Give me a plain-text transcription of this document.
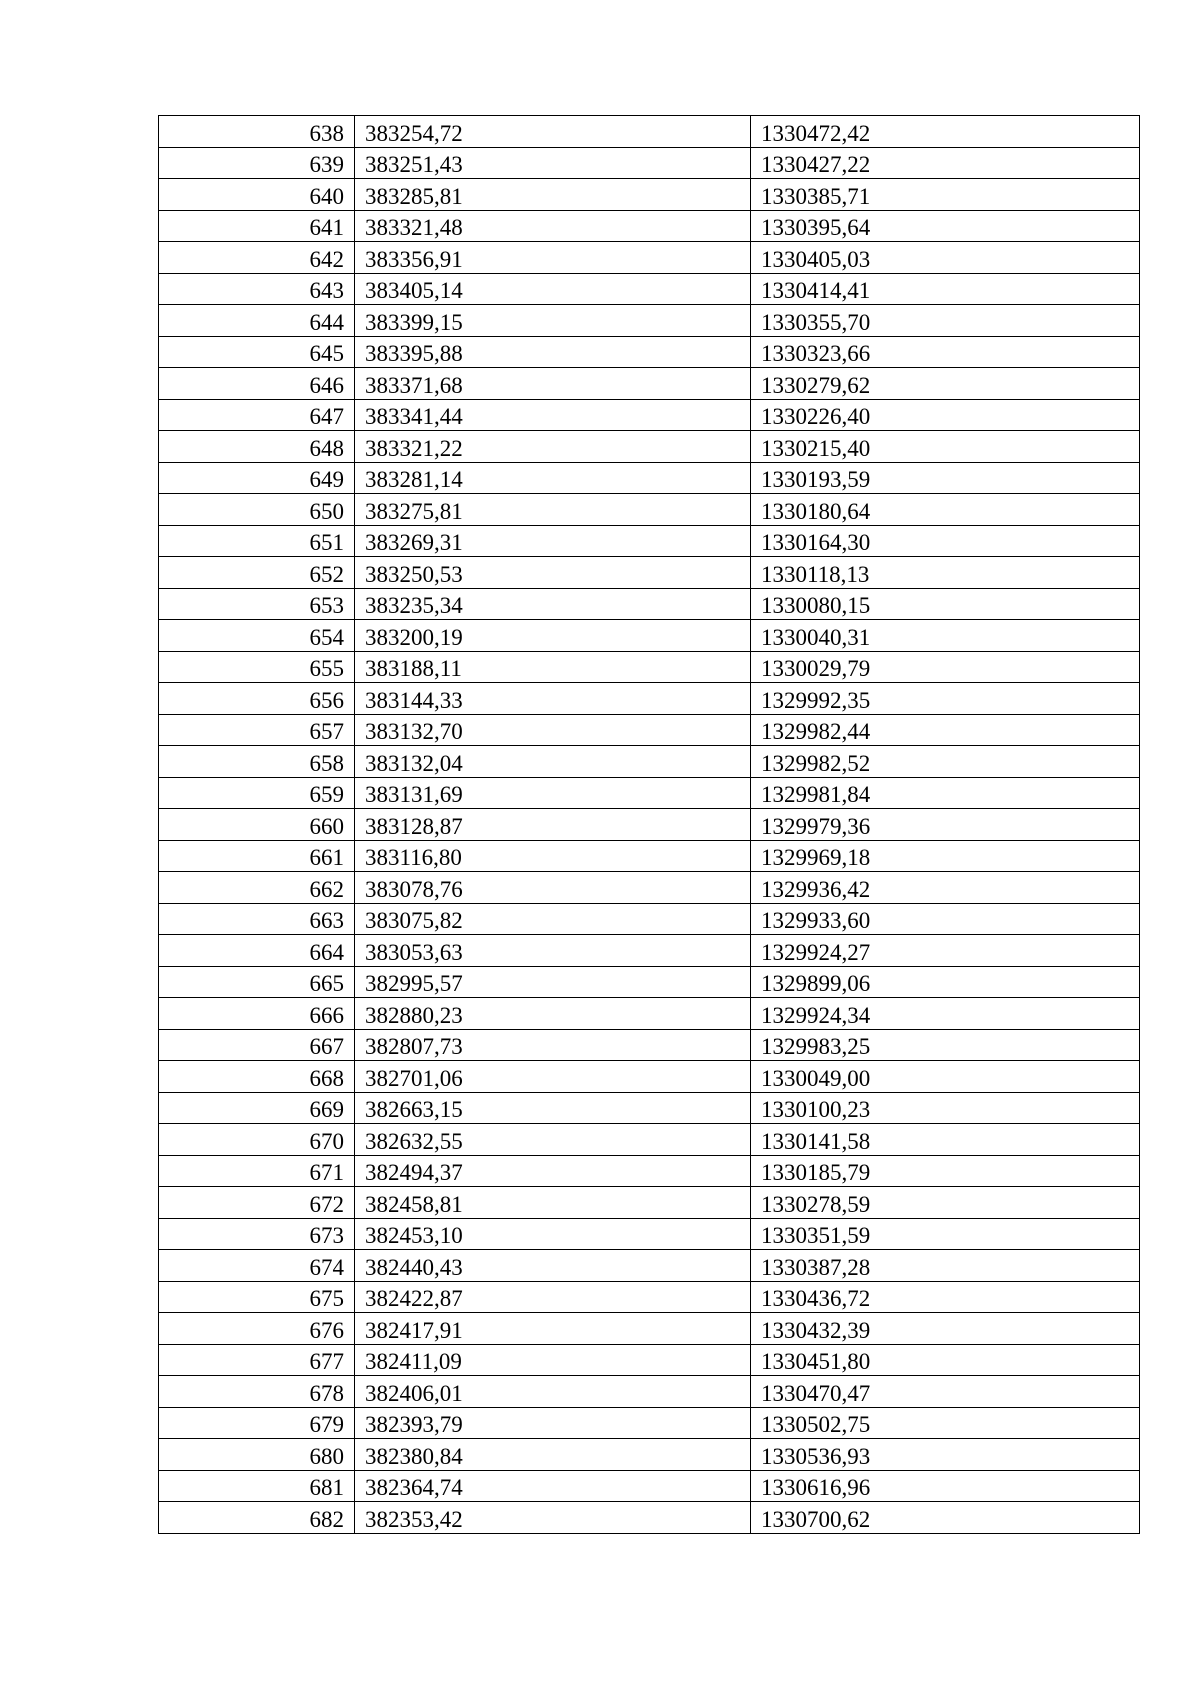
638	383254,72	1330472,42
639	383251,43	1330427,22
640	383285,81	1330385,71
641	383321,48	1330395,64
642	383356,91	1330405,03
643	383405,14	1330414,41
644	383399,15	1330355,70
645	383395,88	1330323,66
646	383371,68	1330279,62
647	383341,44	1330226,40
648	383321,22	1330215,40
649	383281,14	1330193,59
650	383275,81	1330180,64
651	383269,31	1330164,30
652	383250,53	1330118,13
653	383235,34	1330080,15
654	383200,19	1330040,31
655	383188,11	1330029,79
656	383144,33	1329992,35
657	383132,70	1329982,44
658	383132,04	1329982,52
659	383131,69	1329981,84
660	383128,87	1329979,36
661	383116,80	1329969,18
662	383078,76	1329936,42
663	383075,82	1329933,60
664	383053,63	1329924,27
665	382995,57	1329899,06
666	382880,23	1329924,34
667	382807,73	1329983,25
668	382701,06	1330049,00
669	382663,15	1330100,23
670	382632,55	1330141,58
671	382494,37	1330185,79
672	382458,81	1330278,59
673	382453,10	1330351,59
674	382440,43	1330387,28
675	382422,87	1330436,72
676	382417,91	1330432,39
677	382411,09	1330451,80
678	382406,01	1330470,47
679	382393,79	1330502,75
680	382380,84	1330536,93
681	382364,74	1330616,96
682	382353,42	1330700,62
